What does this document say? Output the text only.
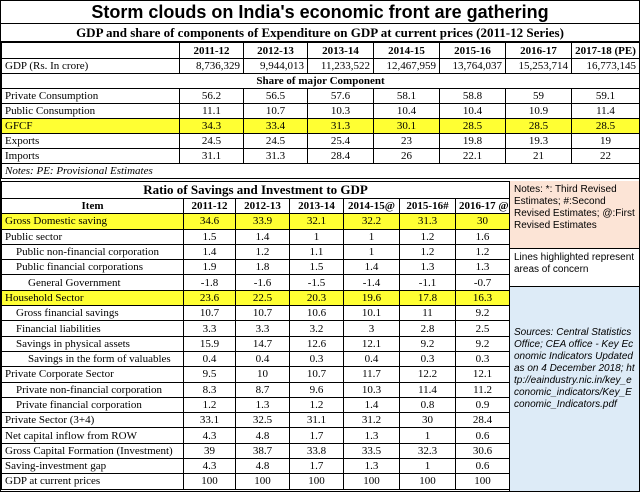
Storm clouds on India's economic front are gathering
GDP and share of components of Expenditure on GDP at current prices (2011-12 Series)
	2011-12	2012-13	2013-14	2014-15	2015-16	2016-17	2017-18 (PE)
GDP (Rs. In crore)	8,736,329	9,944,013	11,233,522	12,467,959	13,764,037	15,253,714	16,773,145
Share of major Component							
Private Consumption	56.2	56.5	57.6	58.1	58.8	59	59.1
Public Consumption	11.1	10.7	10.3	10.4	10.4	10.9	11.4
GFCF	34.3	33.4	31.3	30.1	28.5	28.5	28.5
Exports	24.5	24.5	25.4	23	19.8	19.3	19
Imports	31.1	31.3	28.4	26	22.1	21	22
Notes: PE: Provisional Estimates							
Ratio of Savings and Investment to GDP						
Item	2011-12	2012-13	2013-14	2014-15@	2015-16#	2016-17 @
Gross Domestic saving	34.6	33.9	32.1	32.2	31.3	30
Public sector	1.5	1.4	1	1	1.2	1.6
Public non-financial corporation	1.4	1.2	1.1	1	1.2	1.2
Public financial corporations	1.9	1.8	1.5	1.4	1.3	1.3
General Government	-1.8	-1.6	-1.5	-1.4	-1.1	-0.7
Household Sector	23.6	22.5	20.3	19.6	17.8	16.3
Gross financial savings	10.7	10.7	10.6	10.1	11	9.2
Financial liabilities	3.3	3.3	3.2	3	2.8	2.5
Savings in physical assets	15.9	14.7	12.6	12.1	9.2	9.2
Savings in the form of valuables	0.4	0.4	0.3	0.4	0.3	0.3
Private Corporate Sector	9.5	10	10.7	11.7	12.2	12.1
Private non-financial corporation	8.3	8.7	9.6	10.3	11.4	11.2
Private financial corporation	1.2	1.3	1.2	1.4	0.8	0.9
Private Sector (3+4)	33.1	32.5	31.1	31.2	30	28.4
Net capital inflow from ROW	4.3	4.8	1.7	1.3	1	0.6
Gross Capital Formation (Investment)	39	38.7	33.8	33.5	32.3	30.6
Saving-investment gap	4.3	4.8	1.7	1.3	1	0.6
GDP at current prices	100	100	100	100	100	100
Notes: *: Third Revised Estimates; #:Second Revised Estimates; @:First Revised Estimates
Lines highlighted represent areas of concern
Sources: Central Statistics Office; CEA office - Key Economic Indicators Updated as on 4 December 2018; http://eaindustry.nic.in/key_economic_indicators/Key_Economic_Indicators.pdf
